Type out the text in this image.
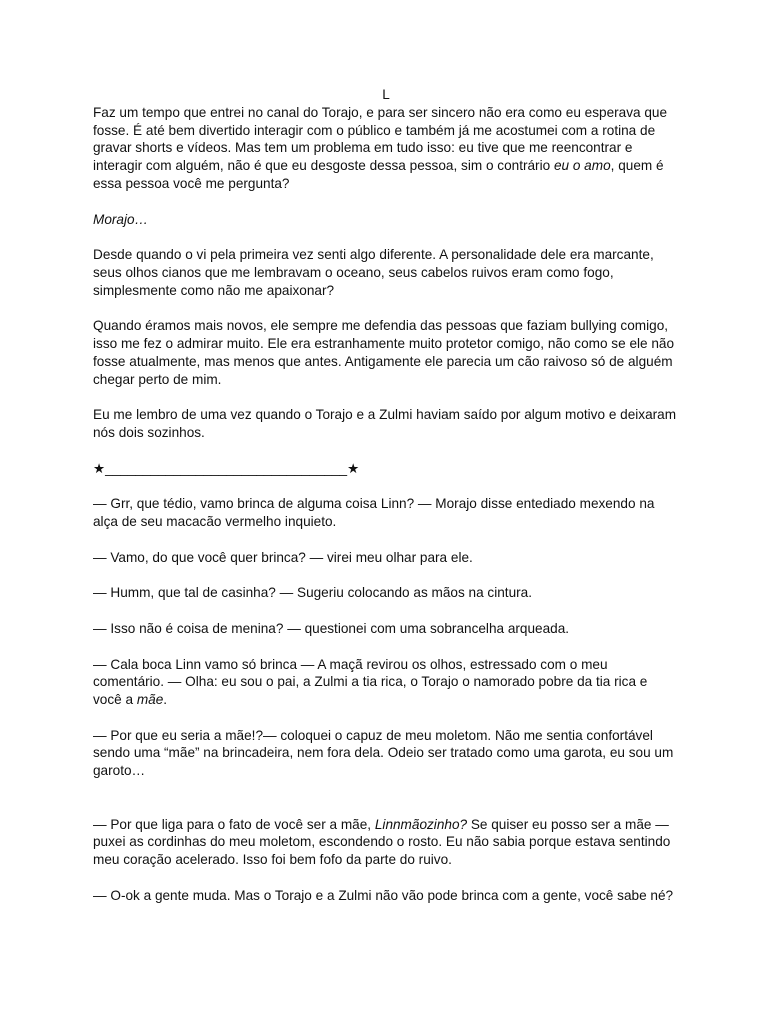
L

Faz um tempo que entrei no canal do Torajo, e para ser sincero não era como eu esperava que fosse. É até bem divertido interagir com o público e também já me acostumei com a rotina de gravar shorts e vídeos. Mas tem um problema em tudo isso: eu tive que me reencontrar e interagir com alguém, não é que eu desgoste dessa pessoa, sim o contrário eu o amo, quem é essa pessoa você me pergunta?

Morajo…

Desde quando o vi pela primeira vez senti algo diferente. A personalidade dele era marcante, seus olhos cianos que me lembravam o oceano, seus cabelos ruivos eram como fogo, simplesmente como não me apaixonar?

Quando éramos mais novos, ele sempre me defendia das pessoas que faziam bullying comigo, isso me fez o admirar muito. Ele era estranhamente muito protetor comigo, não como se ele não fosse atualmente, mas menos que antes. Antigamente ele parecia um cão raivoso só de alguém chegar perto de mim.

Eu me lembro de uma vez quando o Torajo e a Zulmi haviam saído por algum motivo e deixaram nós dois sozinhos.

★________________________________★

— Grr, que tédio, vamo brinca de alguma coisa Linn? — Morajo disse entediado mexendo na alça de seu macacão vermelho inquieto.

— Vamo, do que você quer brinca? — virei meu olhar para ele.

— Humm, que tal de casinha? — Sugeriu colocando as mãos na cintura.

— Isso não é coisa de menina? — questionei com uma sobrancelha arqueada.

— Cala boca Linn vamo só brinca — A maçã revirou os olhos, estressado com o meu comentário. — Olha: eu sou o pai, a Zulmi a tia rica, o Torajo o namorado pobre da tia rica e você a mãe.

— Por que eu seria a mãe!?— coloquei o capuz de meu moletom. Não me sentia confortável sendo uma “mãe” na brincadeira, nem fora dela. Odeio ser tratado como uma garota, eu sou um garoto…

— Por que liga para o fato de você ser a mãe, Linnmãozinho? Se quiser eu posso ser a mãe — puxei as cordinhas do meu moletom, escondendo o rosto. Eu não sabia porque estava sentindo meu coração acelerado. Isso foi bem fofo da parte do ruivo.

— O-ok a gente muda. Mas o Torajo e a Zulmi não vão pode brinca com a gente, você sabe né?
